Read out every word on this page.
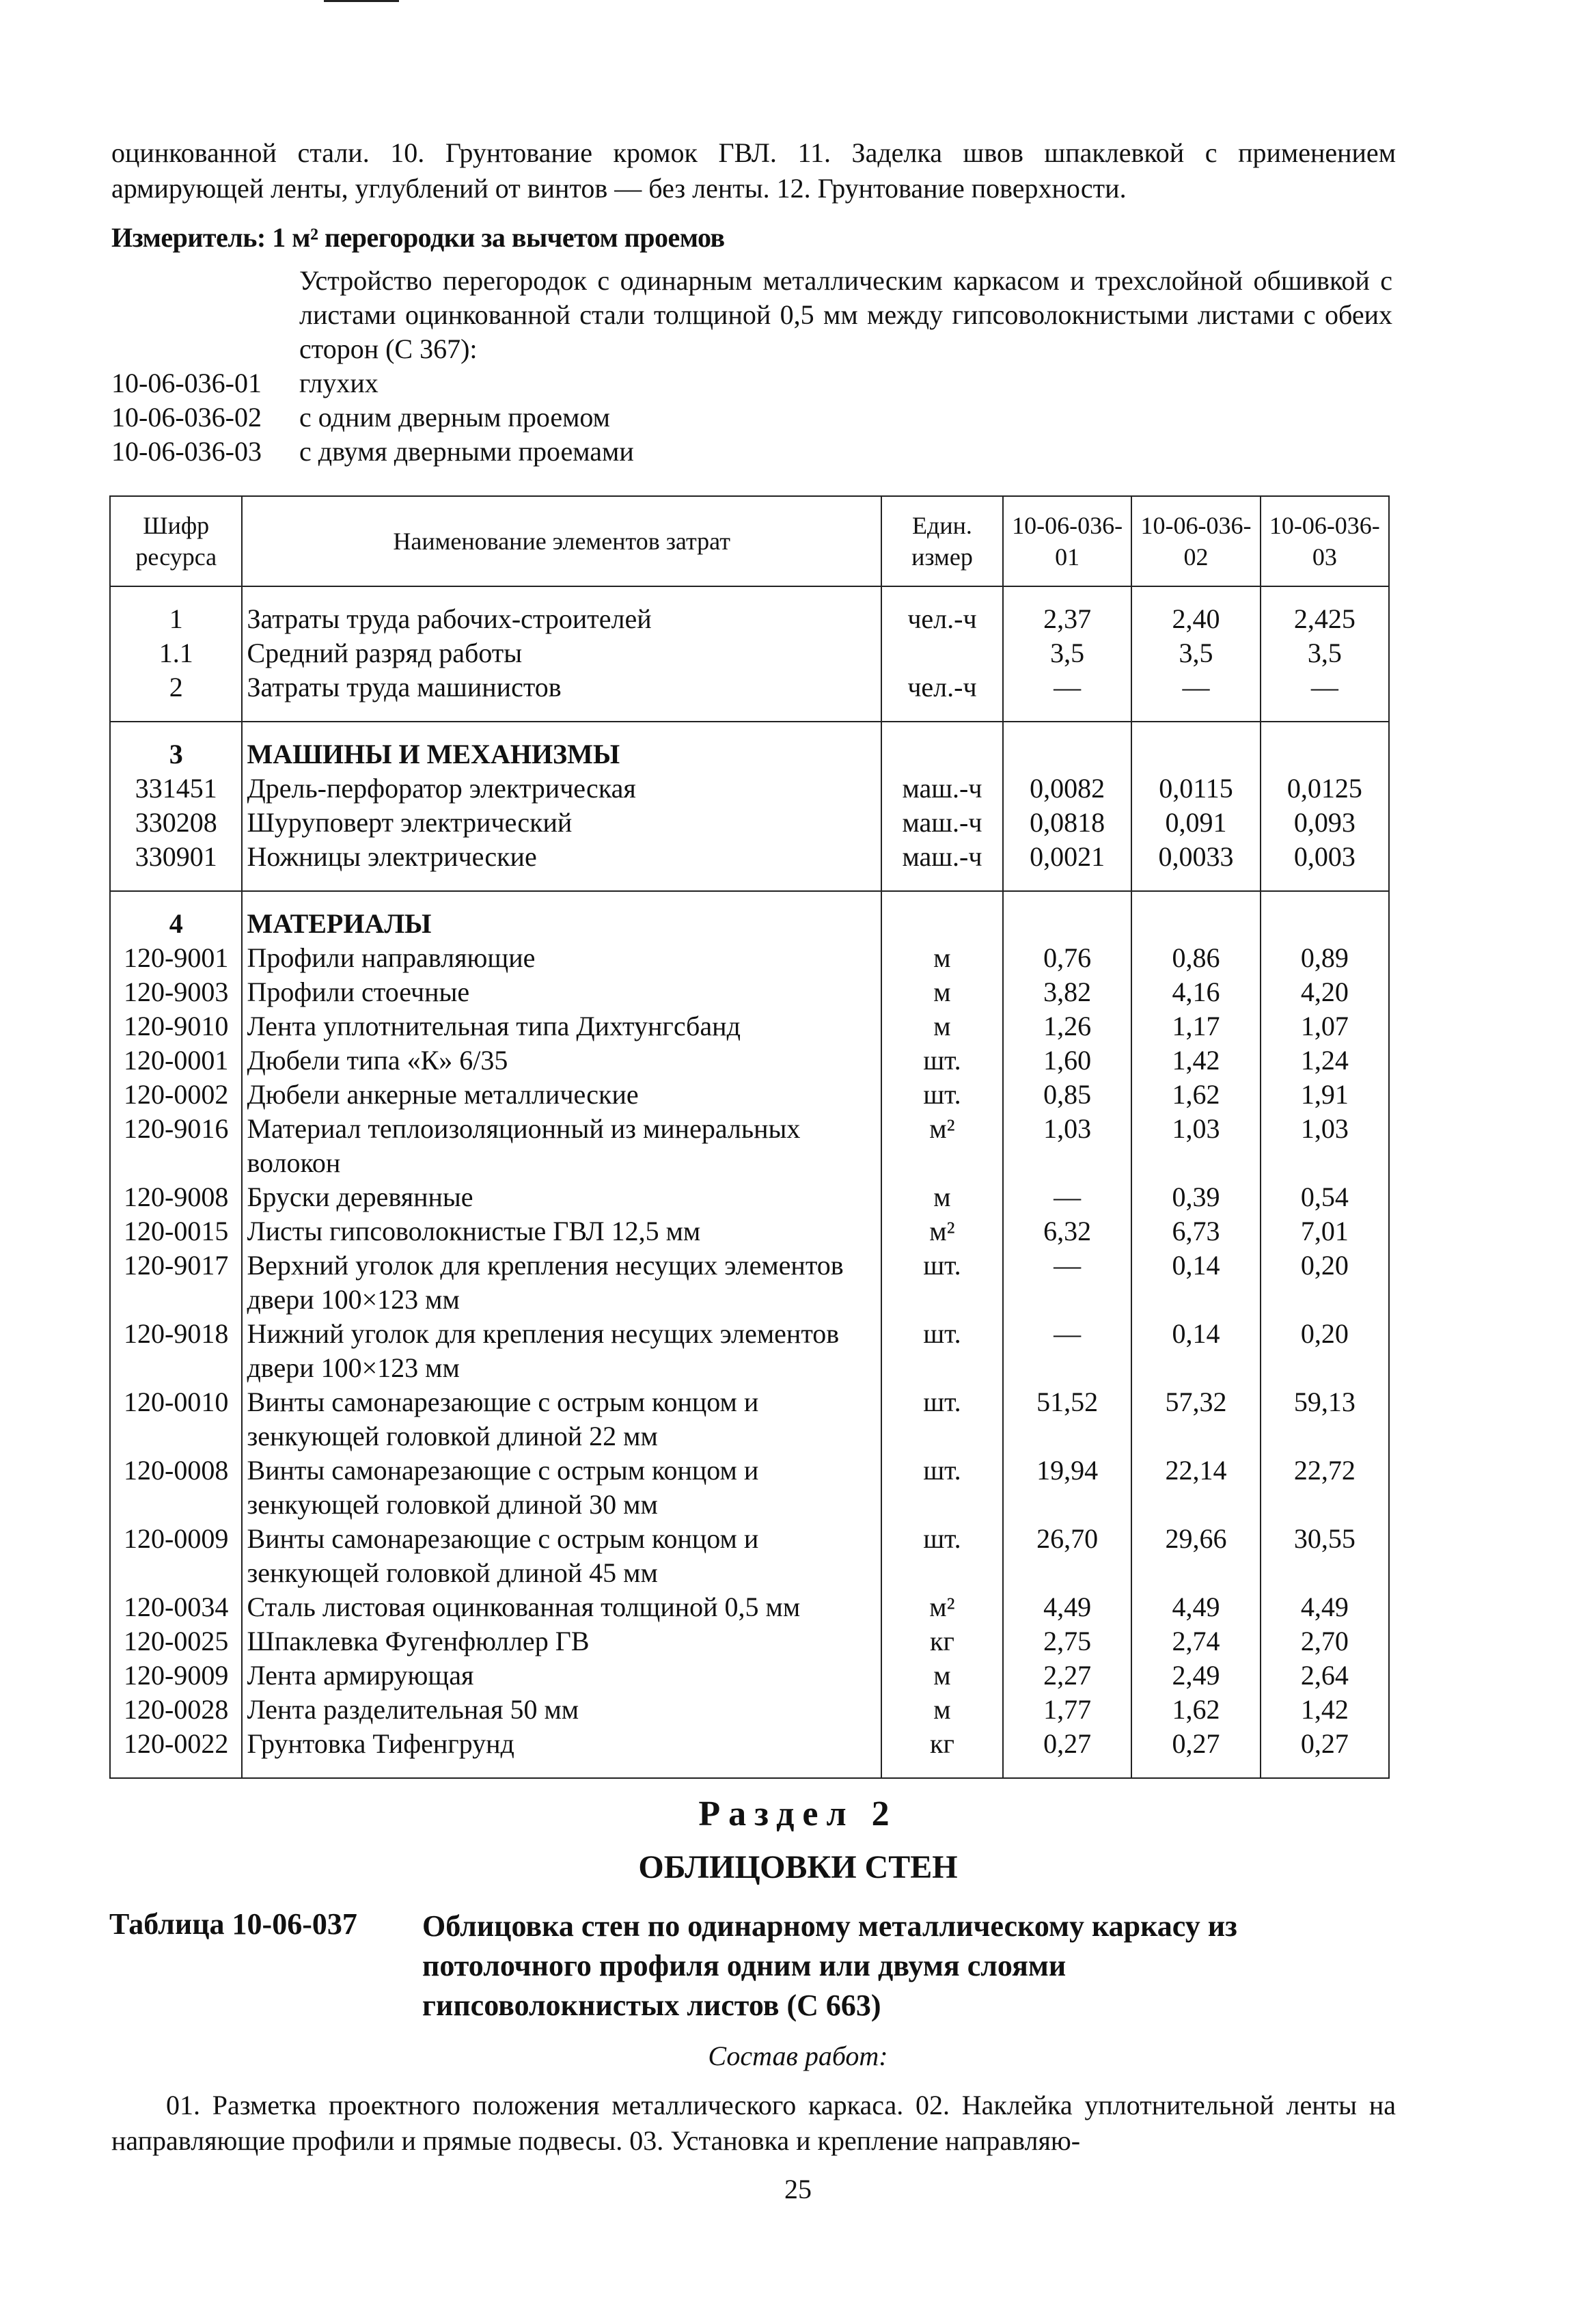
оцинкованной стали. 10. Грунтование кромок ГВЛ. 11. Заделка швов шпаклевкой с применением армирующей ленты, углублений от винтов — без ленты. 12. Грунтование поверхности.
Измеритель: 1 м² перегородки за вычетом проемов
Устройство перегородок с одинарным металлическим каркасом и трехслойной обшивкой с листами оцинкованной стали толщиной 0,5 мм между гипсоволокнистыми листами с обеих сторон (С 367):
10-06-036-01 глухих
10-06-036-02 с одним дверным проемом
10-06-036-03 с двумя дверными проемами
Шифр ресурса	Наименование элементов затрат	Един. измер	10-06-036-01	10-06-036-02	10-06-036-03
1	Затраты труда рабочих-строителей	чел.-ч	2,37	2,40	2,425
1.1	Средний разряд работы		3,5	3,5	3,5
2	Затраты труда машинистов	чел.-ч	—	—	—
3	МАШИНЫ И МЕХАНИЗМЫ				
331451	Дрель-перфоратор электрическая	маш.-ч	0,0082	0,0115	0,0125
330208	Шуруповерт электрический	маш.-ч	0,0818	0,091	0,093
330901	Ножницы электрические	маш.-ч	0,0021	0,0033	0,003
4	МАТЕРИАЛЫ				
120-9001	Профили направляющие	м	0,76	0,86	0,89
120-9003	Профили стоечные	м	3,82	4,16	4,20
120-9010	Лента уплотнительная типа Дихтунгсбанд	м	1,26	1,17	1,07
120-0001	Дюбели типа «К» 6/35	шт.	1,60	1,42	1,24
120-0002	Дюбели анкерные металлические	шт.	0,85	1,62	1,91
120-9016	Материал теплоизоляционный из минеральных волокон	м²	1,03	1,03	1,03
120-9008	Бруски деревянные	м	—	0,39	0,54
120-0015	Листы гипсоволокнистые ГВЛ 12,5 мм	м²	6,32	6,73	7,01
120-9017	Верхний уголок для крепления несущих элементов двери 100×123 мм	шт.	—	0,14	0,20
120-9018	Нижний уголок для крепления несущих элементов двери 100×123 мм	шт.	—	0,14	0,20
120-0010	Винты самонарезающие с острым концом и зенкующей головкой длиной 22 мм	шт.	51,52	57,32	59,13
120-0008	Винты самонарезающие с острым концом и зенкующей головкой длиной 30 мм	шт.	19,94	22,14	22,72
120-0009	Винты самонарезающие с острым концом и зенкующей головкой длиной 45 мм	шт.	26,70	29,66	30,55
120-0034	Сталь листовая оцинкованная толщиной 0,5 мм	м²	4,49	4,49	4,49
120-0025	Шпаклевка Фугенфюллер ГВ	кг	2,75	2,74	2,70
120-9009	Лента армирующая	м	2,27	2,49	2,64
120-0028	Лента разделительная 50 мм	м	1,77	1,62	1,42
120-0022	Грунтовка Тифенгрунд	кг	0,27	0,27	0,27
Раздел 2
ОБЛИЦОВКИ СТЕН
Таблица 10-06-037 Облицовка стен по одинарному металлическому каркасу из потолочного профиля одним или двумя слоями гипсоволокнистых листов (С 663)
Состав работ:
01. Разметка проектного положения металлического каркаса. 02. Наклейка уплотнительной ленты на направляющие профили и прямые подвесы. 03. Установка и крепление направляю-
25
